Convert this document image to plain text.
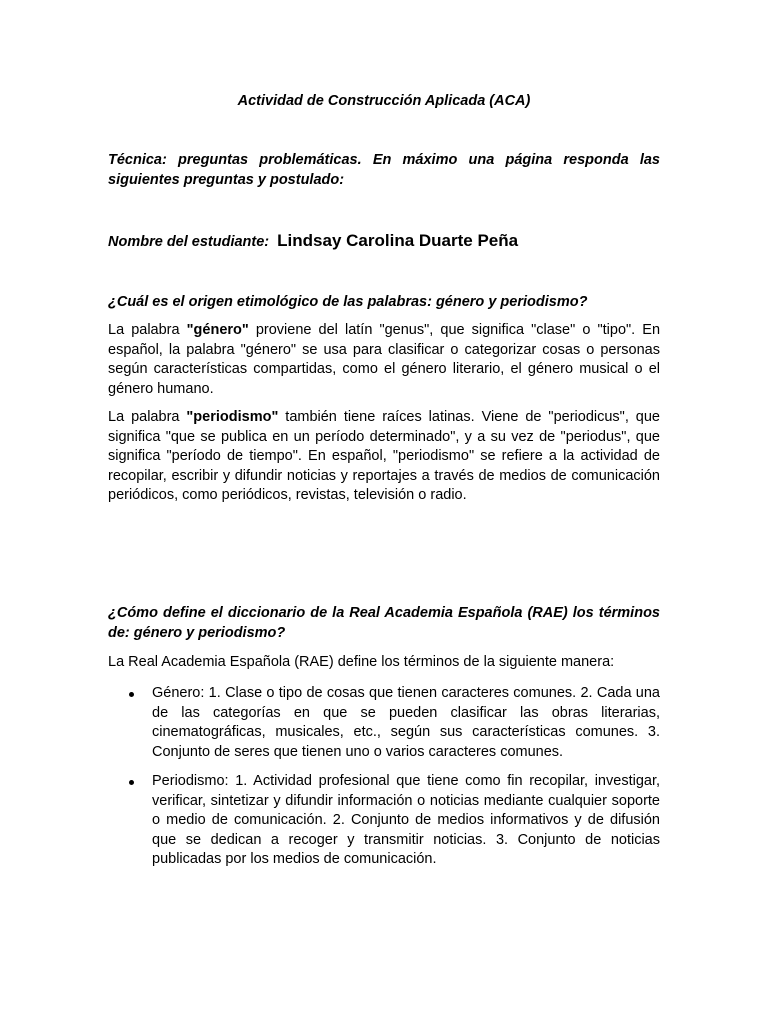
Actividad de Construcción Aplicada (ACA)

Técnica: preguntas problemáticas. En máximo una página responda las siguientes preguntas y postulado:

Nombre del estudiante: Lindsay Carolina Duarte Peña

¿Cuál es el origen etimológico de las palabras: género y periodismo?

La palabra "género" proviene del latín "genus", que significa "clase" o "tipo". En español, la palabra "género" se usa para clasificar o categorizar cosas o personas según características compartidas, como el género literario, el género musical o el género humano.

La palabra "periodismo" también tiene raíces latinas. Viene de "periodicus", que significa "que se publica en un período determinado", y a su vez de "periodus", que significa "período de tiempo". En español, "periodismo" se refiere a la actividad de recopilar, escribir y difundir noticias y reportajes a través de medios de comunicación periódicos, como periódicos, revistas, televisión o radio.

¿Cómo define el diccionario de la Real Academia Española (RAE) los términos de: género y periodismo?

La Real Academia Española (RAE) define los términos de la siguiente manera:

Género: 1. Clase o tipo de cosas que tienen caracteres comunes. 2. Cada una de las categorías en que se pueden clasificar las obras literarias, cinematográficas, musicales, etc., según sus características comunes. 3. Conjunto de seres que tienen uno o varios caracteres comunes.
Periodismo: 1. Actividad profesional que tiene como fin recopilar, investigar, verificar, sintetizar y difundir información o noticias mediante cualquier soporte o medio de comunicación. 2. Conjunto de medios informativos y de difusión que se dedican a recoger y transmitir noticias. 3. Conjunto de noticias publicadas por los medios de comunicación.
